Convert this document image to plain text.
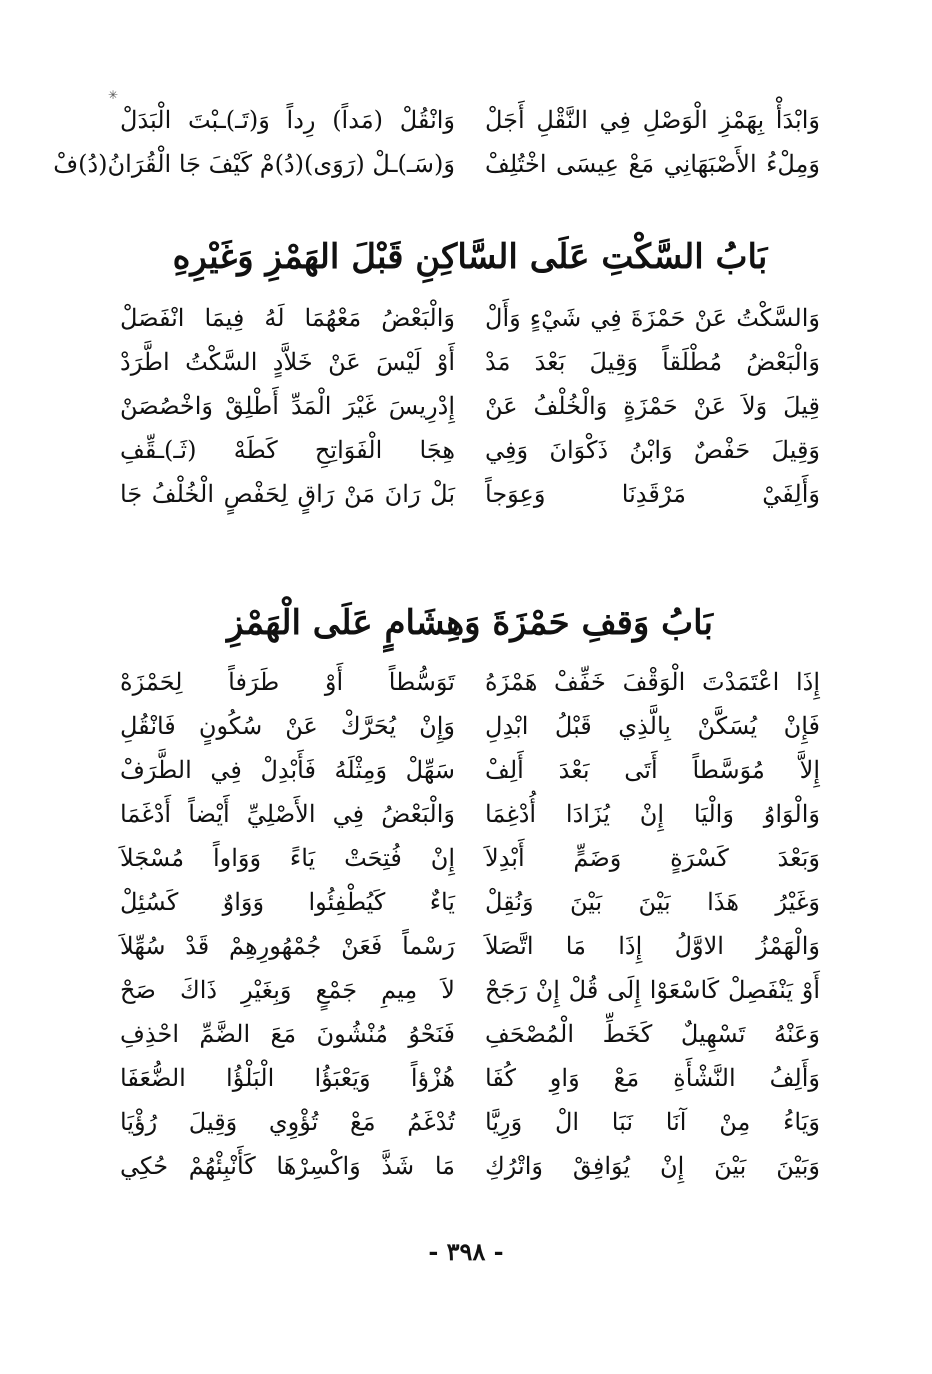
✳
وَابْدَأْ بِهَمْزِ الْوَصْلِ فِي النَّقْلِ أَجَلْ
وَانْقُلْ (مَداً) رِداً وَ(تَـ)ـبْتَ الْبَدَلْ
وَمِلْءُ الأَصْبَهَانِي مَعْ عِيسَى اخْتُلِفْ
وَ(سَـ)ـلْ (رَوَى)(دُ)مْ كَيْفَ جَا الْقُرَانُ(دُ)فْ
بَابُ السَّكْتِ عَلَى السَّاكِنِ قَبْلَ الهَمْزِ وَغَيْرِهِ
وَالسَّكْتُ عَنْ حَمْزَةَ فِي شَيْءٍ وَأَلْ
وَالْبَعْضُ مَعْهُمَا لَهُ فِيمَا انْفَصَلْ
وَالْبَعْضُ مُطْلَقاً وَقِيلَ بَعْدَ مَدْ
أَوْ لَيْسَ عَنْ خَلاَّدٍ السَّكْتُ اطَّرَدْ
قِيلَ وَلاَ عَنْ حَمْزَةٍ وَالْخُلْفُ عَنْ
إِدْرِيسَ غَيْرَ الْمَدِّ أَطْلِقْ وَاخْصُصَنْ
وَقِيلَ حَفْصٌ وَابْنُ ذَكْوَانَ وَفِي
هِجَا الْفَوَاتِحِ كَطَهْ (ثَـ)ـقِّفِ
وَأَلِفَيْ مَرْقَدِنَا وَعِوَجاً
بَلْ رَانَ مَنْ رَاقٍ لِحَفْصٍ الْخُلْفُ جَا
بَابُ وَقفِ حَمْزَةَ وَهِشَامٍ عَلَى الْهَمْزِ
إِذَا اعْتَمَدْتَ الْوَقْفَ خَفِّفْ هَمْزَهُ
تَوَسُّطاً أَوْ طَرَفاً لِحَمْزَهْ
فَإِنْ يُسَكَّنْ بِالَّذِي قَبْلُ ابْدِلِ
وَإِنْ يُحَرَّكْ عَنْ سُكُونٍ فَانْقُلِ
إِلاَّ مُوَسَّطاً أَتَى بَعْدَ أَلِفْ
سَهِّلْ وَمِثْلَهُ فَأَبْدِلْ فِي الطَّرَفْ
وَالْوَاوُ وَالْيَا إِنْ يُزَادَا أُدْغِمَا
وَالْبَعْضُ فِي الأَصْلِيِّ أَيْضاً أَدْغَمَا
وَبَعْدَ كَسْرَةٍ وَضَمٍّ أَبْدِلاَ
إِنْ فُتِحَتْ يَاءً وَوَاواً مُسْجَلاَ
وَغَيْرُ هَذَا بَيْنَ بَيْنَ وَنُقِلْ
يَاءٌ كَيُطْفِئُوا وَوَاوٌ كَسُئِلْ
وَالْهَمْزُ الاوَّلُ إِذَا مَا اتَّصَلاَ
رَسْماً فَعَنْ جُمْهُورِهِمْ قَدْ سُهِّلاَ
أَوْ يَنْفَصِلْ كَاسْعَوْا إِلَى قُلْ إِنْ رَجَحْ
لاَ مِيمِ جَمْعٍ وَبِغَيْرِ ذَاكَ صَحْ
وَعَنْهُ تَسْهِيلٌ كَخَطِّ الْمُصْحَفِ
فَنَحْوُ مُنْشُونَ مَعَ الضَّمِّ احْذِفِ
وَأَلِفُ النَّشْأَةِ مَعْ وَاوِ كُفَا
هُزْؤاً وَيَعْبَؤُا الْبَلْؤُا الضُّعَفَا
وَيَاءُ مِنْ آنَا نَبَا الْ وَرِيَّا
تُدْغَمُ مَعْ تُؤْوِي وَقِيلَ رُؤْيَا
وَبَيْنَ بَيْنَ إِنْ يُوَافِقْ وَاتْرُكِ
مَا شَذَّ وَاكْسِرْهَا كَأَنْبِئْهُمْ حُكِي
- ٣٩٨ -
